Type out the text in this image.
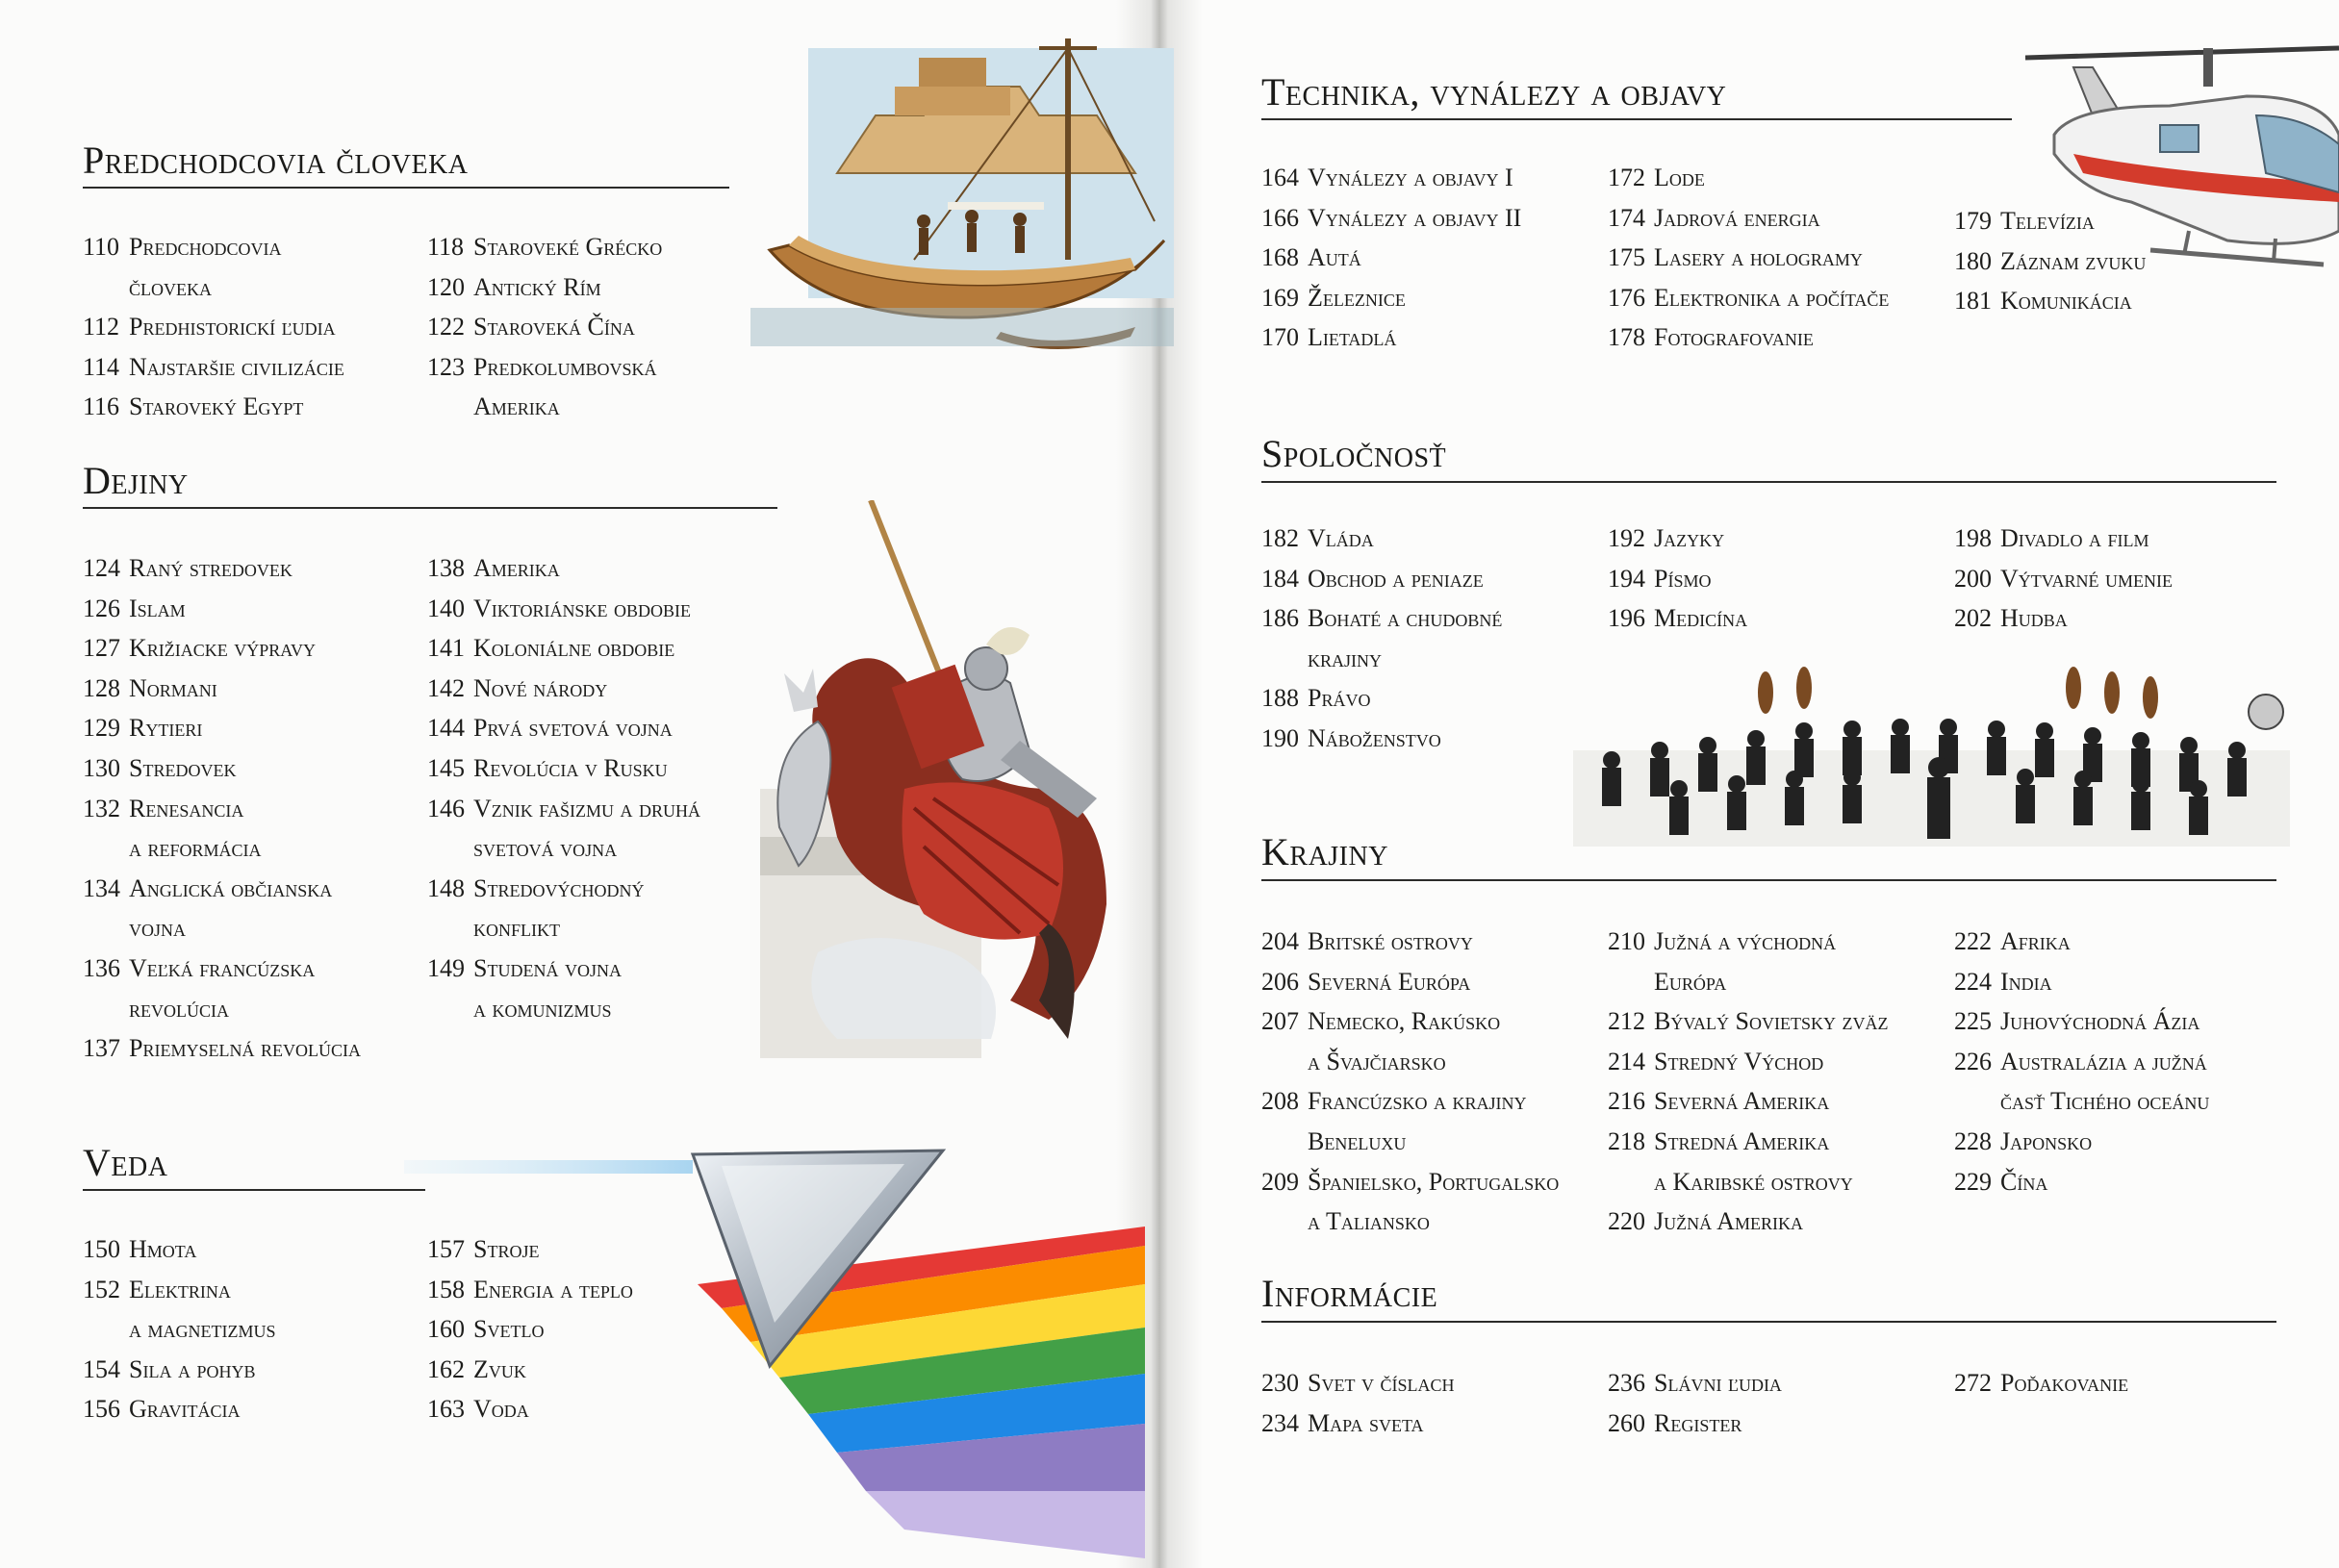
Predchodcovia človeka
110 Predchodcovia
človeka
112 Predhistorickí ľudia
114 Najstaršie civilizácie
116 Staroveký Egypt
118 Staroveké Grécko
120 Antický Rím
122 Staroveká Čína
123 Predkolumbovská
Amerika
Dejiny
124 Raný stredovek
126 Islam
127 Križiacke výpravy
128 Normani
129 Rytieri
130 Stredovek
132 Renesancia
a reformácia
134 Anglická občianska
vojna
136 Veľká francúzska
revolúcia
137 Priemyselná revolúcia
138 Amerika
140 Viktoriánske obdobie
141 Koloniálne obdobie
142 Nové národy
144 Prvá svetová vojna
145 Revolúcia v Rusku
146 Vznik fašizmu a druhá
svetová vojna
148 Stredovýchodný
konflikt
149 Studená vojna
a komunizmus
Veda
150 Hmota
152 Elektrina
a magnetizmus
154 Sila a pohyb
156 Gravitácia
157 Stroje
158 Energia a teplo
160 Svetlo
162 Zvuk
163 Voda
Technika, vynálezy a objavy
164 Vynálezy a objavy I
166 Vynálezy a objavy II
168 Autá
169 Železnice
170 Lietadlá
172 Lode
174 Jadrová energia
175 Lasery a hologramy
176 Elektronika a počítače
178 Fotografovanie
179 Televízia
180 Záznam zvuku
181 Komunikácia
Spoločnosť
182 Vláda
184 Obchod a peniaze
186 Bohaté a chudobné
krajiny
188 Právo
190 Náboženstvo
192 Jazyky
194 Písmo
196 Medicína
198 Divadlo a film
200 Výtvarné umenie
202 Hudba
Krajiny
204 Britské ostrovy
206 Severná Európa
207 Nemecko, Rakúsko
a Švajčiarsko
208 Francúzsko a krajiny
Beneluxu
209 Španielsko, Portugalsko
a Taliansko
210 Južná a východná
Európa
212 Bývalý Sovietsky zväz
214 Stredný Východ
216 Severná Amerika
218 Stredná Amerika
a Karibské ostrovy
220 Južná Amerika
222 Afrika
224 India
225 Juhovýchodná Ázia
226 Australázia a južná
časť Tichého oceánu
228 Japonsko
229 Čína
Informácie
230 Svet v číslach
234 Mapa sveta
236 Slávni ľudia
260 Register
272 Poďakovanie
